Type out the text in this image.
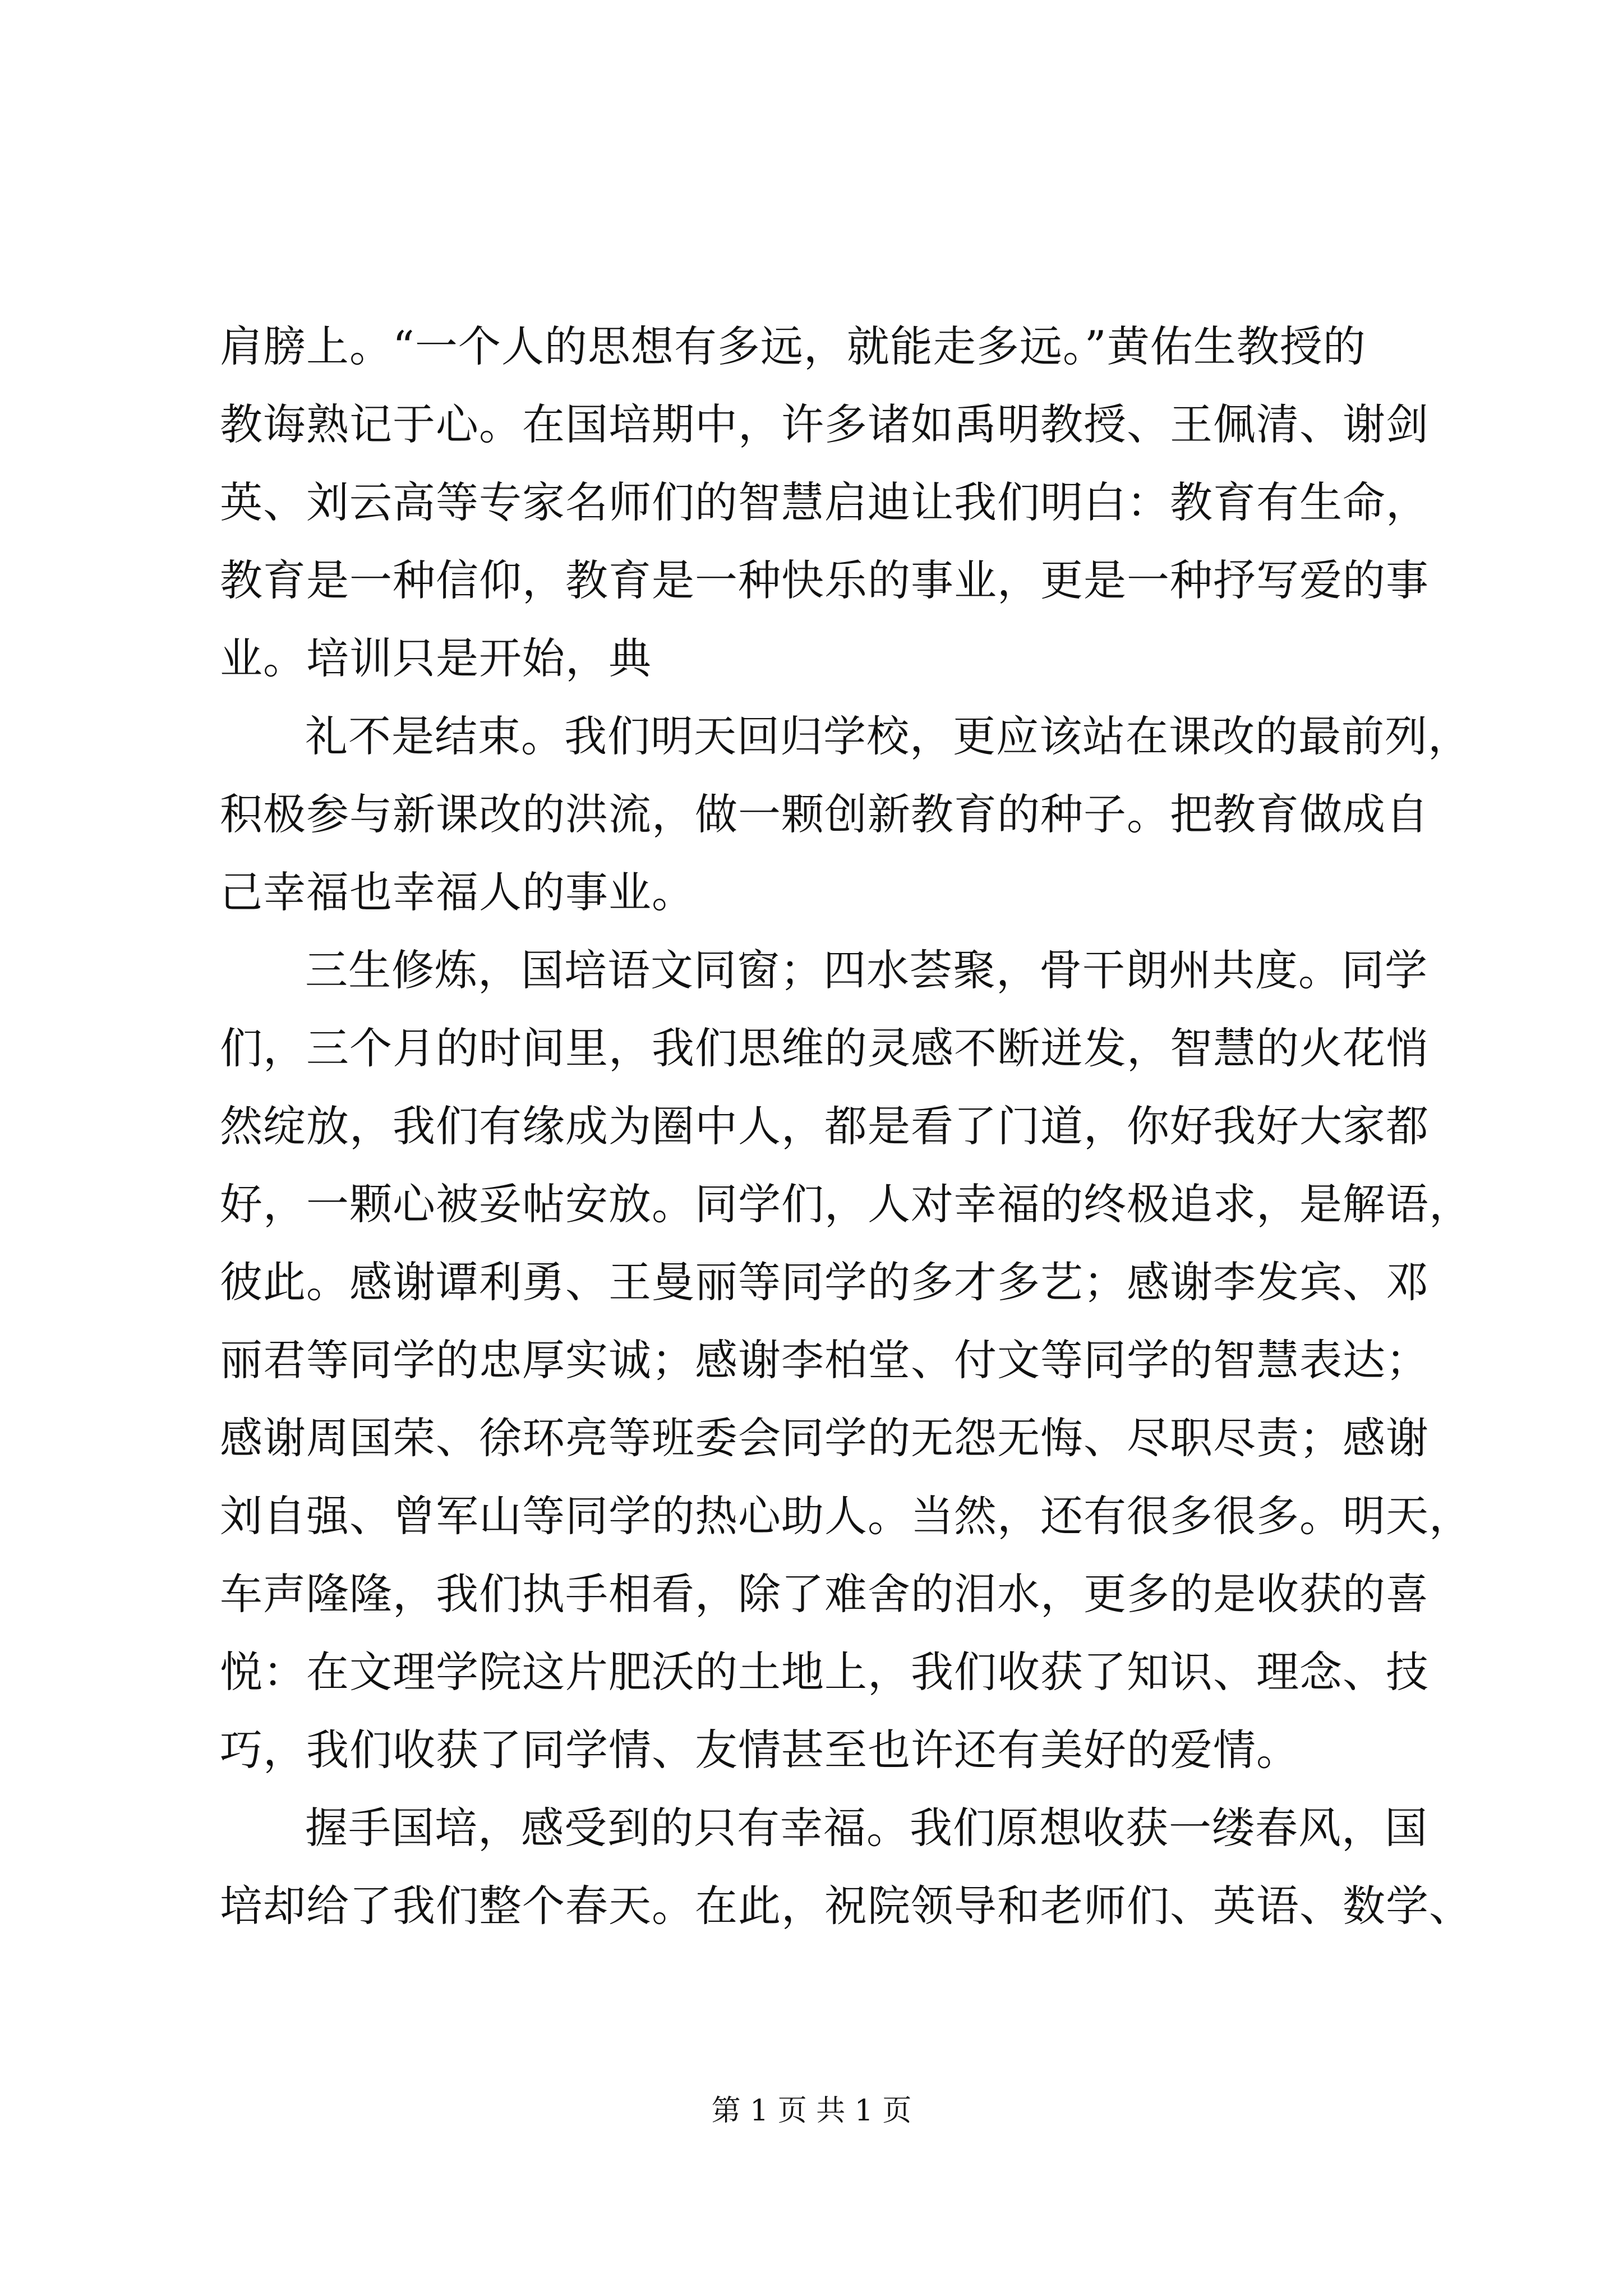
肩膀上。“一个人的思想有多远，就能走多远。”黄佑生教授的
教诲熟记于心。在国培期中，许多诸如禹明教授、王佩清、谢剑
英、刘云高等专家名师们的智慧启迪让我们明白：教育有生命，
教育是一种信仰，教育是一种快乐的事业，更是一种抒写爱的事
业。培训只是开始，典
礼不是结束。我们明天回归学校，更应该站在课改的最前列，
积极参与新课改的洪流，做一颗创新教育的种子。把教育做成自
己幸福也幸福人的事业。
三生修炼，国培语文同窗；四水荟聚，骨干朗州共度。同学
们，三个月的时间里，我们思维的灵感不断迸发，智慧的火花悄
然绽放，我们有缘成为圈中人，都是看了门道，你好我好大家都
好，一颗心被妥帖安放。同学们，人对幸福的终极追求，是解语，
彼此。感谢谭利勇、王曼丽等同学的多才多艺；感谢李发宾、邓
丽君等同学的忠厚实诚；感谢李柏堂、付文等同学的智慧表达；
感谢周国荣、徐环亮等班委会同学的无怨无悔、尽职尽责；感谢
刘自强、曾军山等同学的热心助人。当然，还有很多很多。明天，
车声隆隆，我们执手相看，除了难舍的泪水，更多的是收获的喜
悦：在文理学院这片肥沃的土地上，我们收获了知识、理念、技
巧，我们收获了同学情、友情甚至也许还有美好的爱情。
握手国培，感受到的只有幸福。我们原想收获一缕春风，国
培却给了我们整个春天。在此，祝院领导和老师们、英语、数学、
第 1 页 共 1 页
